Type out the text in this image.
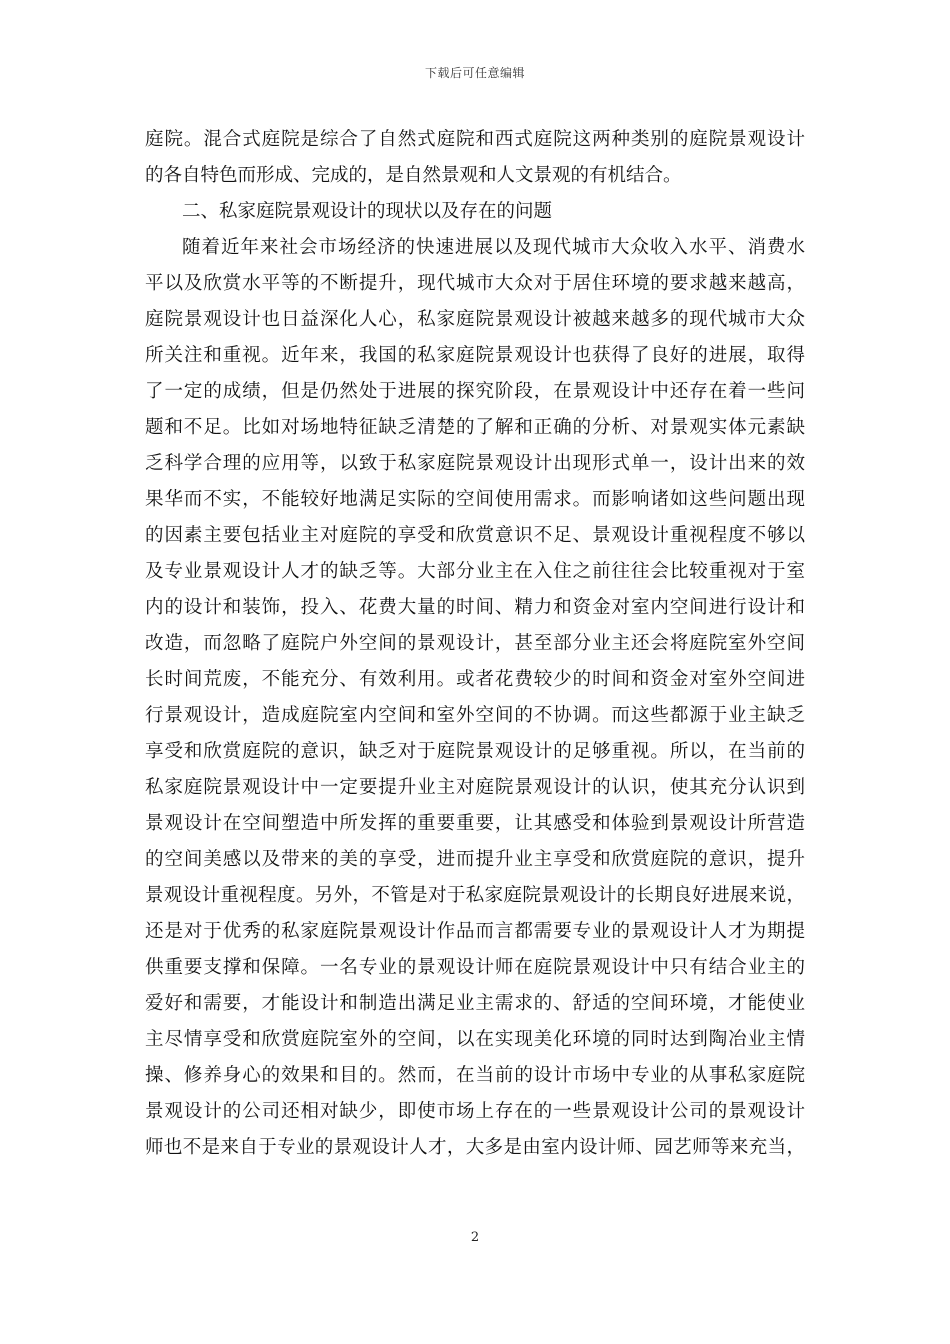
下载后可任意编辑
庭院。混合式庭院是综合了自然式庭院和西式庭院这两种类别的庭院景观设计
的各自特色而形成、完成的，是自然景观和人文景观的有机结合。
二、私家庭院景观设计的现状以及存在的问题
随着近年来社会市场经济的快速进展以及现代城市大众收入水平、消费水
平以及欣赏水平等的不断提升，现代城市大众对于居住环境的要求越来越高，
庭院景观设计也日益深化人心，私家庭院景观设计被越来越多的现代城市大众
所关注和重视。近年来，我国的私家庭院景观设计也获得了良好的进展，取得
了一定的成绩，但是仍然处于进展的探究阶段，在景观设计中还存在着一些问
题和不足。比如对场地特征缺乏清楚的了解和正确的分析、对景观实体元素缺
乏科学合理的应用等，以致于私家庭院景观设计出现形式单一，设计出来的效
果华而不实，不能较好地满足实际的空间使用需求。而影响诸如这些问题出现
的因素主要包括业主对庭院的享受和欣赏意识不足、景观设计重视程度不够以
及专业景观设计人才的缺乏等。大部分业主在入住之前往往会比较重视对于室
内的设计和装饰，投入、花费大量的时间、精力和资金对室内空间进行设计和
改造，而忽略了庭院户外空间的景观设计，甚至部分业主还会将庭院室外空间
长时间荒废，不能充分、有效利用。或者花费较少的时间和资金对室外空间进
行景观设计，造成庭院室内空间和室外空间的不协调。而这些都源于业主缺乏
享受和欣赏庭院的意识，缺乏对于庭院景观设计的足够重视。所以，在当前的
私家庭院景观设计中一定要提升业主对庭院景观设计的认识，使其充分认识到
景观设计在空间塑造中所发挥的重要重要，让其感受和体验到景观设计所营造
的空间美感以及带来的美的享受，进而提升业主享受和欣赏庭院的意识，提升
景观设计重视程度。另外，不管是对于私家庭院景观设计的长期良好进展来说，
还是对于优秀的私家庭院景观设计作品而言都需要专业的景观设计人才为期提
供重要支撑和保障。一名专业的景观设计师在庭院景观设计中只有结合业主的
爱好和需要，才能设计和制造出满足业主需求的、舒适的空间环境，才能使业
主尽情享受和欣赏庭院室外的空间，以在实现美化环境的同时达到陶冶业主情
操、修养身心的效果和目的。然而，在当前的设计市场中专业的从事私家庭院
景观设计的公司还相对缺少，即使市场上存在的一些景观设计公司的景观设计
师也不是来自于专业的景观设计人才，大多是由室内设计师、园艺师等来充当，
2
